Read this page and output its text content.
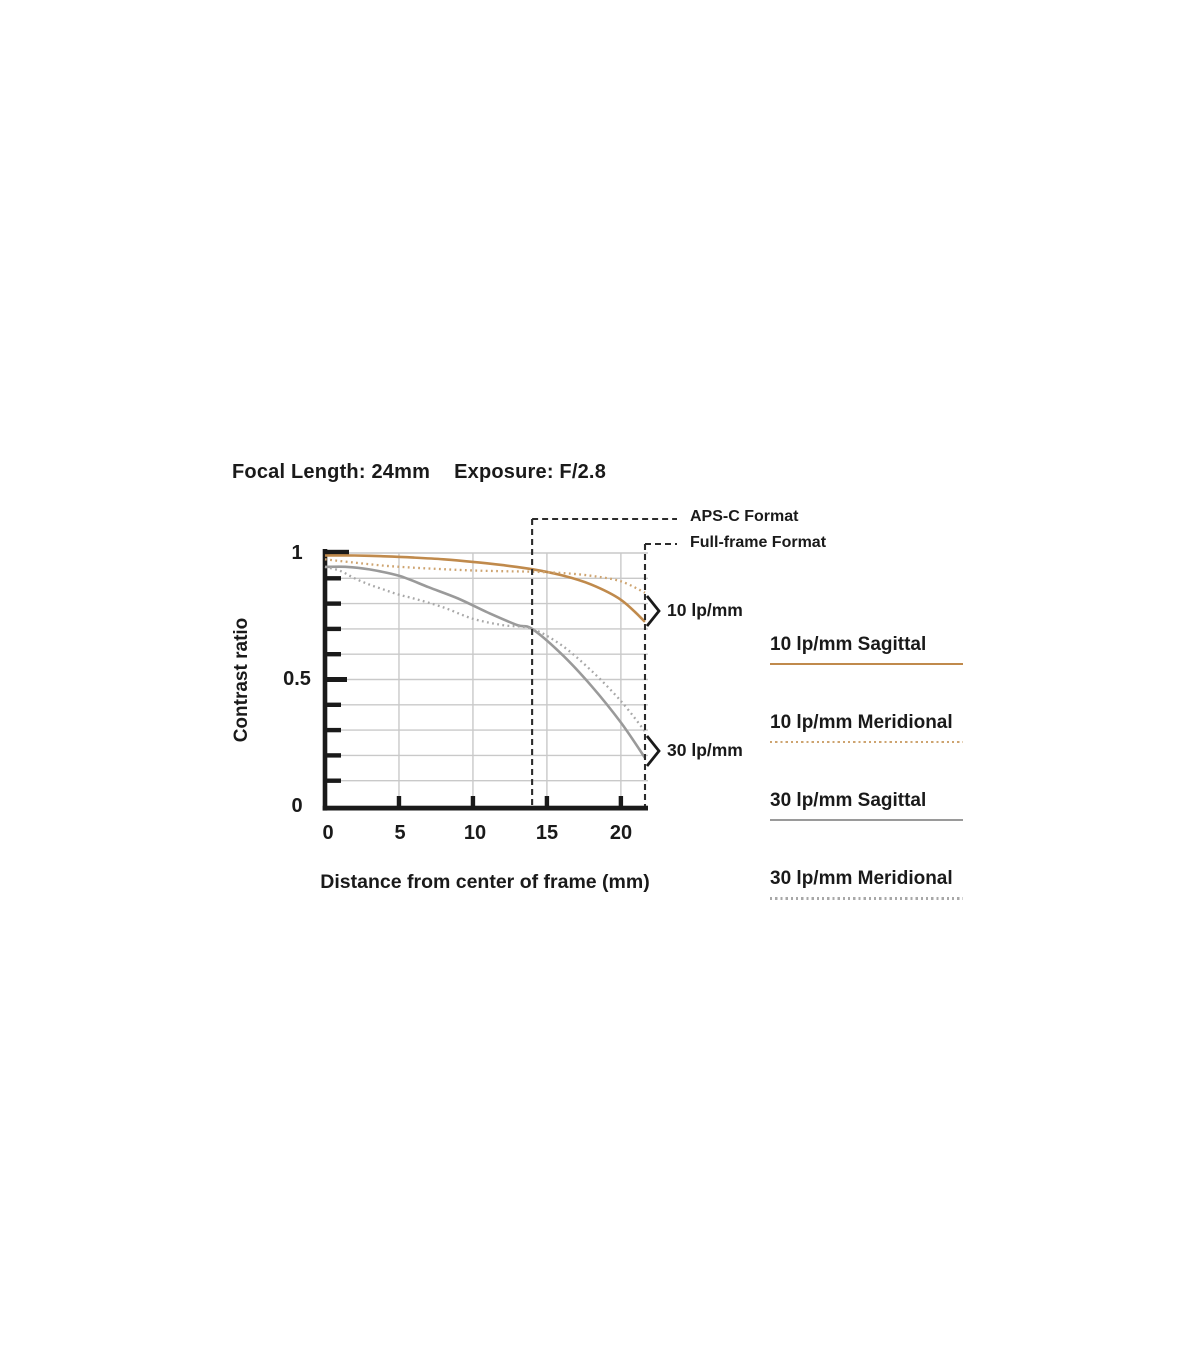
Focal Length: 24mm Exposure: F/2.8
Contrast ratio
1
0.5
0
0	5	10 15	20
Distance from center of frame (mm)
APS-C Format
Full-frame Format
10 lp/mm
30 lp/mm
10 lp/mm Sagittal
10 lp/mm Meridional
30 lp/mm Sagittal
30 lp/mm Meridional
